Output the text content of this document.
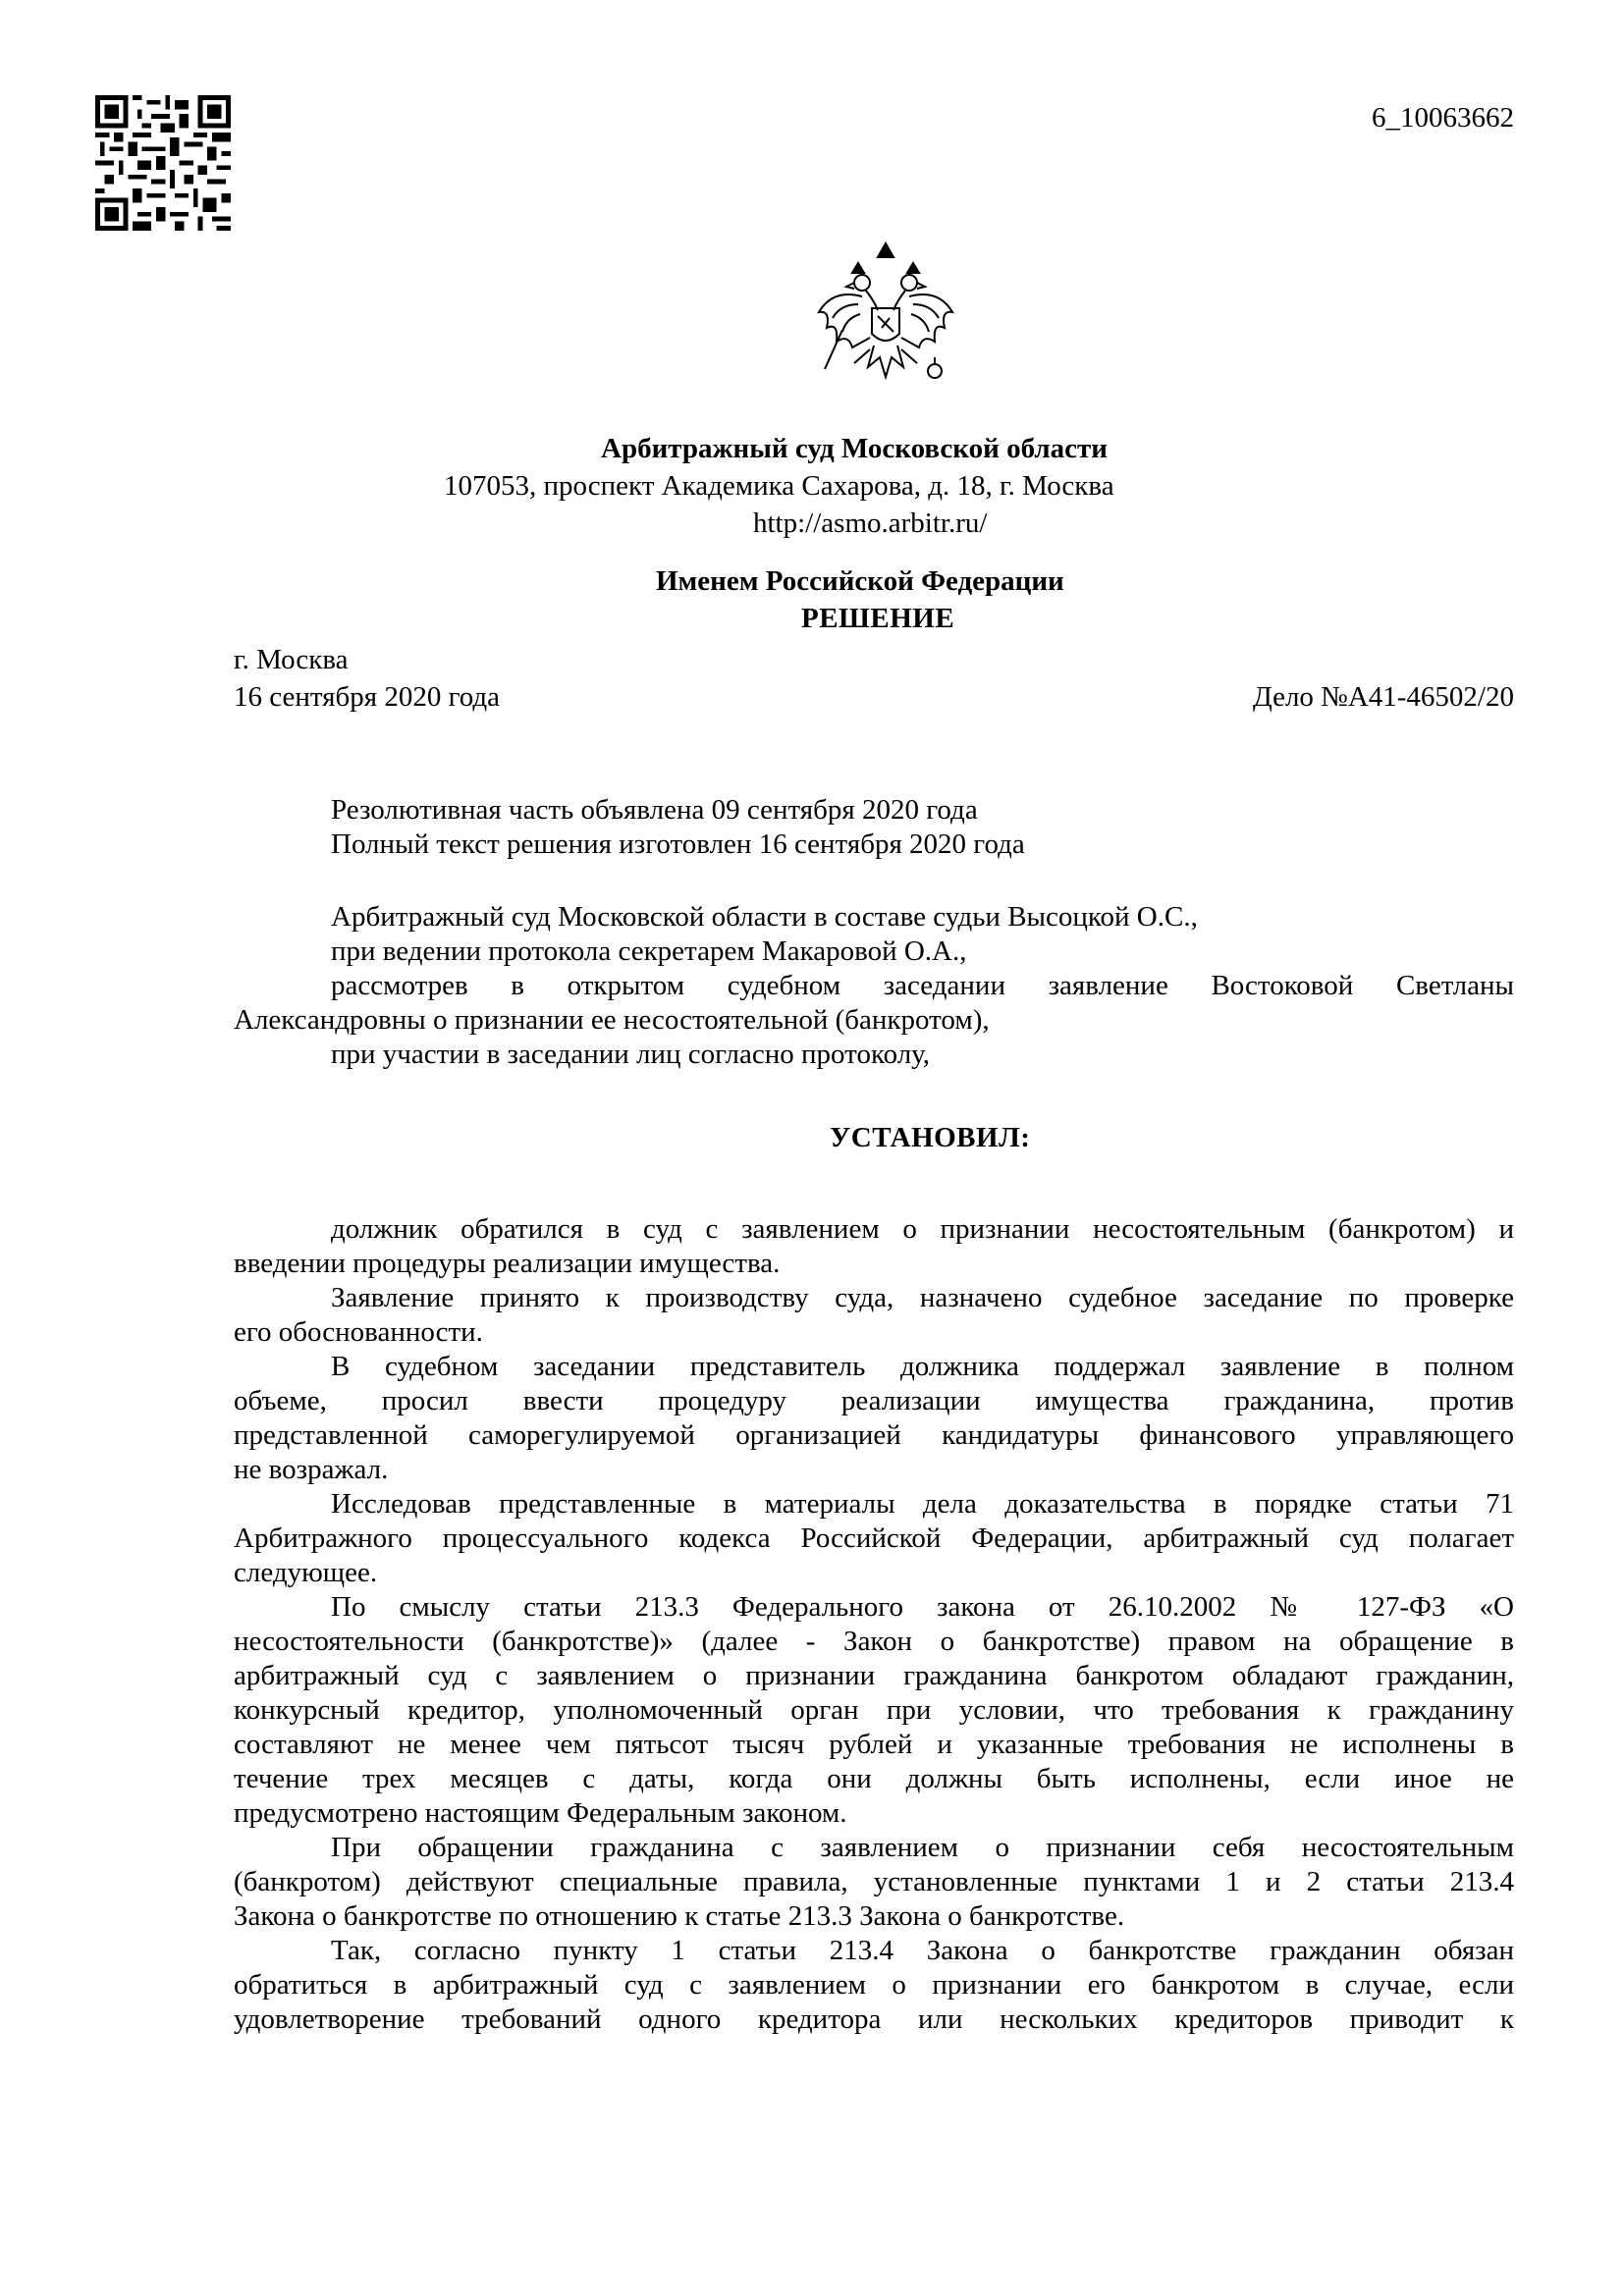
6_10063662
Арбитражный суд Московской области
107053, проспект Академика Сахарова, д. 18, г. Москва
http://asmo.arbitr.ru/
Именем Российской Федерации
РЕШЕНИЕ
г. Москва
16 сентября 2020 года	Дело №А41-46502/20
Резолютивная часть объявлена 09 сентября 2020 года
Полный текст решения изготовлен 16 сентября 2020 года
Арбитражный суд Московской области в составе судьи Высоцкой О.С.,
при ведении протокола секретарем Макаровой О.А.,
рассмотрев в открытом судебном заседании заявление Востоковой Светланы
Александровны о признании ее несостоятельной (банкротом),
при участии в заседании лиц согласно протоколу,
УСТАНОВИЛ:
должник обратился в суд с заявлением о признании несостоятельным (банкротом) и
введении процедуры реализации имущества.
Заявление принято к производству суда, назначено судебное заседание по проверке
его обоснованности.
В судебном заседании представитель должника поддержал заявление в полном
объеме, просил ввести процедуру реализации имущества гражданина, против
представленной саморегулируемой организацией кандидатуры финансового управляющего
не возражал.
Исследовав представленные в материалы дела доказательства в порядке статьи 71
Арбитражного процессуального кодекса Российской Федерации, арбитражный суд полагает
следующее.
По смыслу статьи 213.3 Федерального закона от 26.10.2002 № 127-ФЗ «О
несостоятельности (банкротстве)» (далее - Закон о банкротстве) правом на обращение в
арбитражный суд с заявлением о признании гражданина банкротом обладают гражданин,
конкурсный кредитор, уполномоченный орган при условии, что требования к гражданину
составляют не менее чем пятьсот тысяч рублей и указанные требования не исполнены в
течение трех месяцев с даты, когда они должны быть исполнены, если иное не
предусмотрено настоящим Федеральным законом.
При обращении гражданина с заявлением о признании себя несостоятельным
(банкротом) действуют специальные правила, установленные пунктами 1 и 2 статьи 213.4
Закона о банкротстве по отношению к статье 213.3 Закона о банкротстве.
Так, согласно пункту 1 статьи 213.4 Закона о банкротстве гражданин обязан
обратиться в арбитражный суд с заявлением о признании его банкротом в случае, если
удовлетворение требований одного кредитора или нескольких кредиторов приводит к
